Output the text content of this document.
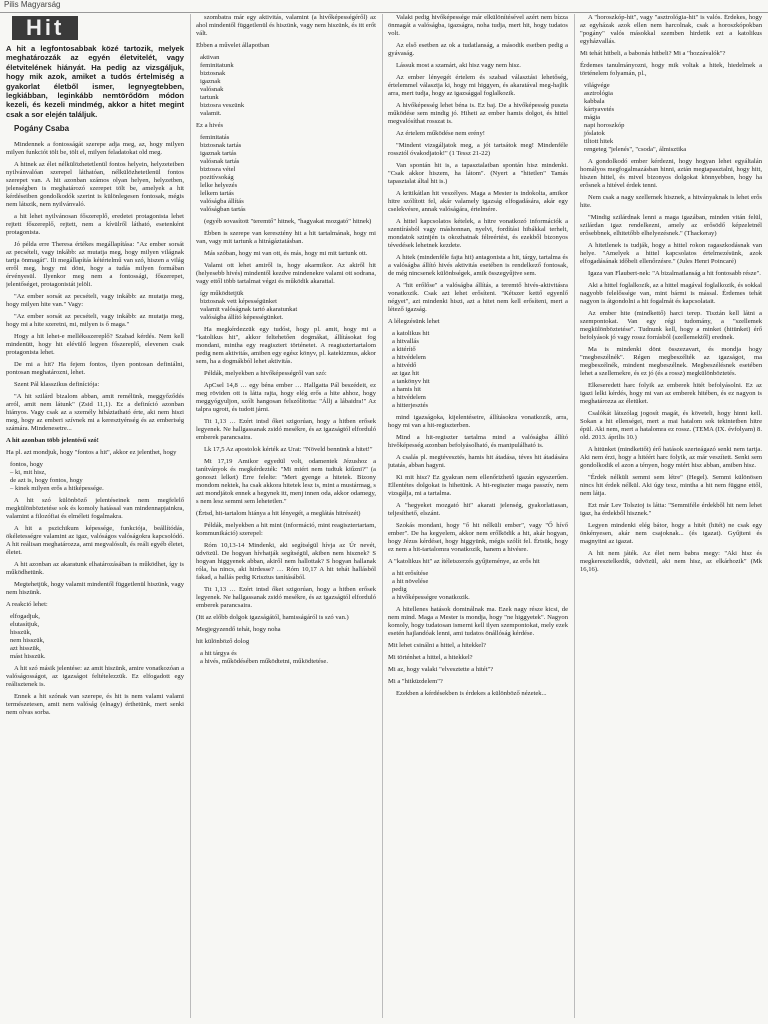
Pilis Magyarság
Hit

A hit a legfontosabbak közé tartozik, melyek meghatározzák az egyén életvitelét, vagy életvitelének hiányát. Ha pedig az vizsgáljuk, hogy mik azok, amiket a tudós értelmiség a gyakorlat életből ismer, legnyegtebben, legkiábban, leginkább nemtörődöm módon kezeli, és kezeli mindmég, akkor a hitet megint csak a sor elején találjuk.

Pogány Csaba

Mindennek a fontosságát szerepe adja meg, az, hogy milyen milyen funkciót tölt be, tölt el, milyen feladatokat old meg.

A hitnek az élet nélkülözhetetlenül fontos helyein, helyzeteiben nyilvánvalóan szerepel láthatóan, nélkülözhetetlenül fontos szerepet van. A hit azonban számos olyan helyen, helyzetben, jelenségben is meghatározó szerepet tölt be, amelyek a hit kérdéseiben gondolkodók szerint is különlegesen fontosak, mégis nem látszik, nem nyilvánvaló.

a hit lehet nyilvánosan főszereplő, eredetei protagonista lehet rejtett főszereplő, rejtett, nem a kívülről látható, esetenként protagonista.

Jó példa erre Theresa értékes megállapítása: "Az ember sorsát az pecsételi, vagy inkább: az mutatja meg, hogy milyen világnak tartja önmagát". Ili megállapítás kétértelmű van szó, hiszen a világ erről meg, hogy mi dönt, hogy a tudás milyen formában érvényesül. Ilyenkor meg nem a fontossági, főszerepet, jelentőséget, protagonistát jelöli.

"Az ember sorsát az pecsételi, vagy inkább: az mutatja meg, hogy milyen hite van." Vagy:

"Az ember sorsát az pecsételi, vagy inkább: az mutatja meg, hogy mi a hite szeretni, mi, milyen is ő maga."

Hogy a hit lehet-e melléksszereplő? Szabad kérdés. Nem kell mindenütt, hogy hit elévülő legyen főszereplő, elevenen csak protagonista lehet.

De mi a hit? Ha fejem fontos, ilyen pontosan definiálni, pontosan meghatározni, lehet.

Szent Pál klasszikus definíciója:

"A hit szilárd bizalom abban, amit remélünk, meggyőződés arról, amit nem látunk" (Zsid 11,1). Ez a definíció azonban hiányos. Vagy csak az a személy hibáztatható érte, aki nem hiszi meg, hogy az emberi szívnek mi a keresztyénség és az emberiség számára. Mindenesetre...

A hit azonban több jelentésű szó!

Ha pl. azt mondjuk, hogy "fontos a hit", akkor ez jelenthet, hogy

fontos, hogy
– ki, mit hisz,
de azt is, hogy fontos, hogy
– kinek milyen erős a hitképessége.

A hit szó különböző jelentéseinek nem megfelelő megkülönböztetése sok és komoly hatással van mindennapjainkra, valamint a filozófiai és elméleti fogalmakra.

A hit a pszichikum képessége, funkciója, beállítódás, ökéletességre valamint az igaz, valóságos valóságokra kapcsolódó. A hit reálisan meghatározza, ami megvalósult, és reáli egyéb életet, életet.

A hit azonban az akaratunk elhatározásában is működhet, így is működhetünk.

Megtehetjük, hogy valamit mindentől függetlenül hiszünk, vagy nem hiszünk.

A reakció lehet:

elfogadjuk,
elutasítjuk,
hisszük,
nem hisszük,
azt hisszük,
mást hisszük.

A hit szó másik jelentése: az amit hiszünk, amire vonatkozóan a valóságosságot, az igazságot feltételezzük. Ez elfogadott egy reálisztenek is.

Ennek a hit szónak van szerepe, és hit is nem valami valami természetesen, amit nem valóság (elnagy) érthetünk, mert senki nem olvas sorba.

szombatra már egy aktivitás, valamint (a hivőképességéről) az ahol mindentől függetlenül és hiszünk, vagy nem hiszünk, és itt erőt vált.

Ebben a művelet állapotban

aktivan
feminitatunk
biztosnak
igaznak
valósnak
tartunk
biztosra veszünk
valamit.

Ez a hivés

feminitatás
biztosnak tartás
igaznak tartás
valósnak tartás
biztosra vétel
pozitívsokág
lelke helyezés
lelkem tartás
valóságba állítás
valóságban tartás

(egyéb sovasított "teremtő" hitnek, "hagyakat mozgató" hitnek)

Ebben is szerepe van keresztény hit a hit tartalmának, hogy mi van, vagy mit tartunk a hitrágáztatásban.

Más szóban, hogy mi van ott, és más, hogy mi mit tartunk ott.

Valami ott lehet amiről is, hogy akarmikor. Az akiről hit (helyesebb hivés) mindentől kezdve mindenekre valami ott sodrana, vagy ettől több tartalmat végzi és működik akarattal.

így működtetjük
biztosnak vett képességünket
valamit valóságnak tartó akaratunkat
valóságba állító képességünket.

Ha megkérdezzük egy tudóst, hogy pl. amit, hogy mi a "katolikus hit", akkor feltehetően dogmákat, állításokat fog mondani, mintha egy reagisztert történetet. A reagisztertartalom pedig nem aktivitás, amiben egy egész könyv, pl. katekizmus, akkor sem, ha a dogmákból lehet aktivitás.

Példák, melyekben a hivőképességről van szó:

ApCsel 14,8 … egy béna ember … Hallgatta Pál beszédeit, ez meg röviden ott is látta rajta, hogy elég erős a hite ahhoz, hogy meggyógyuljon, szólt hangosan felszólította: "Állj a lábaidra!" Az talpra ugrott, és tudott járni.

Tit 1,13 … Ezért intsd őket szigorúan, hogy a hitben erősek legyenek. Ne hallgassanak zsidó mesékre, és az igazságtól elforduló emberek parancsaira.

Lk 17,5 Az apostolok kérték az Urat: "Növeld bennünk a hitet!"

Mt 17,19 Amikor egyedül volt, odamentek Jézushoz a tanítványok és megkérdezték: "Mi miért nem tudtuk kiűzni?" (a gonoszt lelket) Erre felelte: "Mert gyenge a hitetek. Bizony mondom nektek, ha csak akkora hitetek lesz is, mint a mustármag, s azt mondjátok ennek a hegynek itt, menj innen oda, akkor odamegy, s nem lesz semmi sem lehetetlen."

(Értsd, hit-tartalom hiánya a hit lényegét, a meglátás hitrészét)

Példák, melyekben a hit mint (információ, mint reagisztertartam, kommunikáció) szerepel:

Róm 10,13-14 Mindenki, aki segítségül hívja az Úr nevét, üdvözül. De hogyan hívhatják segítségül, akiben nem hisznek? S hogyan higgyenek abban, akiről nem hallottak? S hogyan hallanak róla, ha nincs, aki hirdesse? … Róm 10,17 A hit tehát hallásból fakad, a hallás pedig Krisztus tanításából.

Tit 1,13 … Ezért intsd őket szigorúan, hogy a hitben erősek legyenek. Ne hallgassanak zsidó mesékre, és az igazságtól elforduló emberek parancsaira.

(Itt az előbb dolgok igazságától, hamisságáról is szó van.)

Megjegyzendő tehát, hogy noha

hit különböző dolog

a hit tárgya és
a hivés, működésében működtetni, működtetése.

Valaki pedig hivőképessége már elkülönítésével azért nem bízza önmagát a valóságba, igazságra, noha tudja, mert hit, hogy tudatos volt.

Az első esetben az ok a tudatlanság, a második esetben pedig a gyávaság.

Lássuk most a szamárt, aki hisz vagy nem hisz.

Az ember lényegét értelem és szabad választási lehetőség, értelemmel választja ki, hogy mi higgyen, és akaratával meg-hajlik arra, mert tudja, hogy az igazsággal foglalkozik.

A hivőképesség lehet béna is. Ez baj. De a hivőképesség puszta működése sem mindig jó. Hiheti az ember hamis dolgot, és hittel megvalósíthat rosszat is.

Az értelem működése nem erény!

"Mindent vizsgáljatok meg, a jót tartsátok meg! Mindenféle rossztól óvakodjatok!" (1 Tessz 21-22)

Van spontán hit is, a tapasztalatban spontán hisz mindenki. "Csak akkor hiszem, ha látom". (Nyert a "hitetlen" Tamás tapasztalat által hit is.)

A kritikátlan hit veszélyes. Maga a Mester is indokolta, amikor hitre szólított fel, akár valamely igazság elfogadására, akár egy cselekvésre, annak valóságára, értelmére.

A hittel kapcsolatos kételek, a hitre vonatkozó információk a szentírásból vagy máshonnan, nyelvi, fordítási hibákkal terhelt, mondatok szintjén is okozhatnak félreértést, és ezekből bizonyos tévedések lehetnek kezdete.

A hitek (mindenféle fajta hit) antagonista a hit, tárgy, tartalma és a valóságba állító hivés aktivitás esetében is rendelkező fontosak, de még nincsenek különbségek, amik összegyűjtve sem.

A "hit erőlőse" a valóságba állítás, a teremtő hivés-aktivitásra vonatkozik. Csak azt lehet erősíteni. "Kétszer kettő egyenlő négyet", azt mindenki hiszi, azt a hitet nem kell erősíteni, mert a létező igazság.

A lélegzésünk lehet

a katolikus hit
a hitvallás
a kitérítő
a hitvédelem
a hitvédő
az igaz hit
a tankönyv hit
a hamis hit
a hitvédelem
a hitterjesztés

mind igazságoka, kijelentéseire, állításokra vonatkozik, arra, hogy mi van a hit-regiszterben.

Mind a hit-regiszter tartalma mind a valóságba állító hivőképesség azonban befolyásolható, és manipulálható is.

A csalás pl. megtévesztés, hamis hit átadása, téves hit átadására jutatás, abban hagyni.

Ki mit hisz? Ez gyakran nem ellenőrizhető igazán egyszerűen. Ellentétes dolgokat is hihetünk. A hit-regiszter maga passzív, nem vizsgálja, mi a tartalma.

A "hegyeket mozgató hit" akarati jelenség, gyakorlatiasan, teljesíthető, elszánt.

Szokás mondani, hogy "ő hit nélküli ember", vagy "Ő hívő ember". De ha kegyelem, akkor nem erőlködik a hit, akár hogyan, hogy Jézus kérdései, hogy higgyünk, mégis szólít fel. Értsük, hogy ez nem a hit-tartalomra vonatkozik, hanem a hivésre.

A "katolikus hit" az ítéletszerzés gyűjteménye, az erős hit

a hit erősítése
a hit növelése
pedig
a hivőképességre vonatkozik.

A hitellenes hatások dominálnak ma. Ezek nagy része kicsi, de nem mind. Maga a Mester is mondja, hogy "ne higgyetek". Nagyon komoly, hogy tudatosan ismerni kell ilyen szempontokat, mely ezek esetén hajlandóak lenni, ami tudatos önállóság kérdése.

Mit lehet csinálni a hittel, a hitekkel?

Mi történhet a hittel, a hitekkel?

Mi az, hogy valaki "elvesztette a hitét"?

Mi a "hitküzdelem"?

Ezekben a kérdésekben is érdekes a különböző nézetek...

A "horoszkóp-hit", vagy "asztrológia-hit" is valós. Érdekes, hogy az egyházak azok ellen nem harcolnak, csak a horoszkópokban "pogány" valós másokkal szemben hirdetik ezt a katolikus egyházvallás.

Mi tehát hitbeli, a babonás hitbeli? Mi a "hozzávalók"?

Érdemes tanulmányozni, hogy mik voltak a hitek, hiedelmek a történelem folyamán, pl.,

világvége
asztrológia
kabbala
kártyavetés
mágia
napi horoszkóp
jóslatok
tiltott hitek
rengeteg "jelenés", "csoda", álmisztika

A gondolkodó ember kérdezni, hogy hogyan lehet egyáltalán homályos megfogalmazásban hinni, aztán megtapasztalni, hogy hitt, hiszen hittel, és mivel bizonyos dolgokat könnyebben, hogy ha erősnek a hitével érdek tenni.

Nem csak a nagy szellemek hisznek, a hitványaknak is lehet erős hite.

"Mindig szilárdnak lenni a maga igazában, minden vitán felül, szilárdan igaz rendelkezni, amely az erősödő képzeletnél erősebbnek, elhitetőbb elhelyezésnek." (Thackeray)

A hitetlenek is tudják, hogy a hittel rokon ragaszkodásnak van helye. "Amelyek a hittel kapcsolatos értelmezésünk, azok elfogadásának időbeli ellenőrzésre." (Jules Henri Poincaré)

Igaza van Flaubert-nek: "A bizalmatlanság a hit fontosabb része".

Aki a hittel foglalkozik, az a hittel magával foglalkozik, és sokkal nagyobb felelőssége van, mint bármi is mással. Érdemes tehát nagyon is átgondolni a hit fogalmát és kapcsolatait.

Az ember hite (mindkettő) harci terep. Tisztán kell látni a szempontokat. Van egy régi tudomány, a "szellemek megkülönböztetése". Tudnunk kell, hogy a minket (hitünket) érő befolyások jó vagy rossz forrásból (szellemektől) erednek.

Ma is mindenki dönt összezavart, és mondja hogy "megbeszélnék". Régen megbeszélték az igazságot, ma megbeszélnék, mindent megbeszélnek. Megbeszélésnek esetében lehet a szellemekre, és ez jó (és a rossz) megkülönböztetés.

Elkeseredett harc folyik az emberek hitét befolyásolni. Ez az igazi lelki kérdés, hogy mi van az emberek hitében, és ez nagyon is meghatározza az életüket.

Csalókát látszólag jogosít magát, és követeli, hogy hinni kell. Sokan a hit ellenségei, mert a mai hatalom sok tekintetben hitre épül. Aki nem, mert a hatalomra ez rossz. (TEMA (IX. évfolyam) 8. old. 2013. április 10.)

A hitünket (mindkettőt) érő hatások szerteágazó senki nem tartja. Aki nem érzi, hogy a hitéért harc folyik, az már veszített. Senki sem gondolkodik el azon a tényen, hogy miért hisz abban, amiben hisz.

"Érdek nélküli semmi sem létre" (Hegel). Semmi különösen nincs hit érdek nélkül. Aki úgy tesz, mintha a hit nem függne ettől, nem látja.

Ezt már Lev Tolsztoj is látta: "Semmiféle érdekből hit nem lehet igaz, ha érdekből hisznek."

Legyen mindenki elég bátor, hogy a hitét (hitét) ne csak egy önkényesen, akár nem csajoknak... (és igazat). Gyűjteni és magnyitni az igazat.

A hit nem játék. Az élet nem babra megy: "Aki hisz és megkeresztelkedik, üdvözül, aki nem hisz, az elkárhozik" (Mk 16,16).
